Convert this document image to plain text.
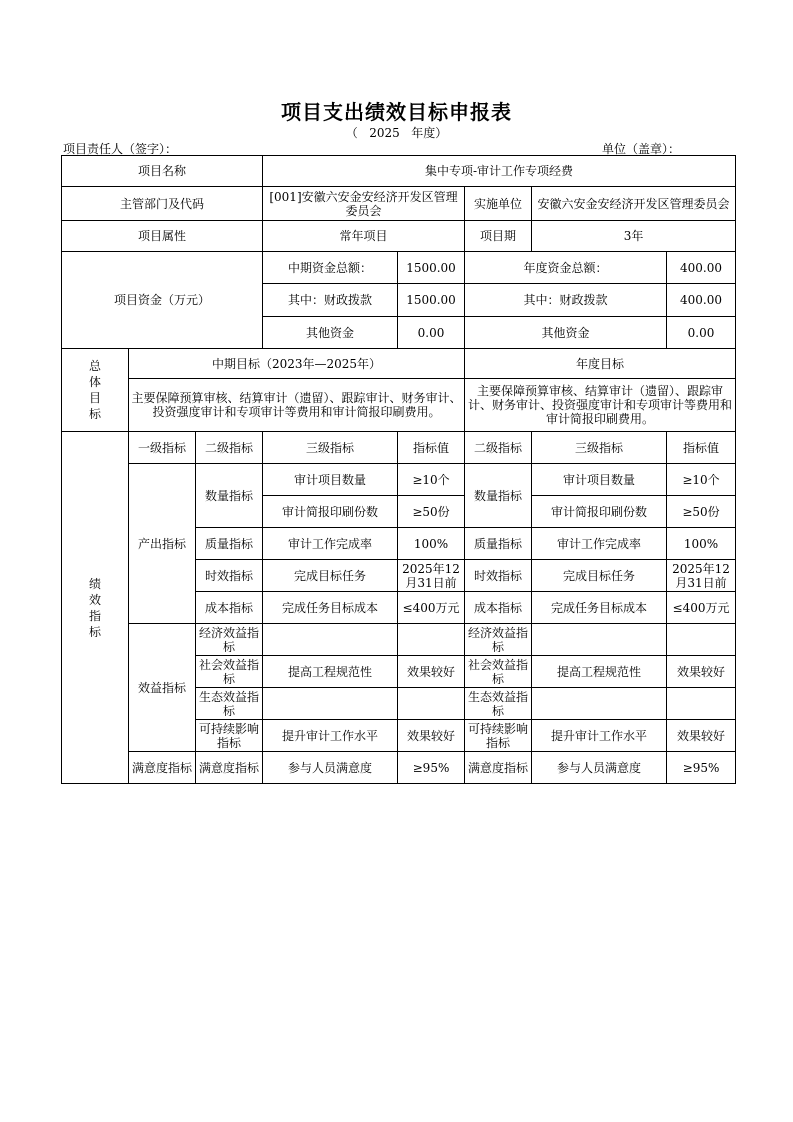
项目支出绩效目标申报表
（ 2025 年度）
项目责任人（签字）：	单位（盖章）：
项目名称			集中专项-审计工作专项经费				
主管部门及代码			[001]安徽六安金安经济开发区管理委员会		实施单位	安徽六安金安经济开发区管理委员会	
项目属性			常年项目		项目期	3年	
项目资金（万元）			中期资金总额：	1500.00	年度资金总额：		400.00
			其中：财政拨款	1500.00	其中：财政拨款		400.00
			其他资金	0.00	其他资金		0.00
总体目标	中期目标（2023年—2025年）				年度目标		
	主要保障预算审核、结算审计（遗留）、跟踪审计、财务审计、投资强度审计和专项审计等费用和审计简报印刷费用。				主要保障预算审核、结算审计（遗留）、跟踪审计、财务审计、投资强度审计和专项审计等费用和审计简报印刷费用。		
绩效指标	一级指标	二级指标	三级指标	指标值	二级指标	三级指标	指标值
	产出指标	数量指标	审计项目数量	≥10个	数量指标	审计项目数量	≥10个
			审计简报印刷份数	≥50份		审计简报印刷份数	≥50份
		质量指标	审计工作完成率	100%	质量指标	审计工作完成率	100%
		时效指标	完成目标任务	2025年12月31日前	时效指标	完成目标任务	2025年12月31日前
		成本指标	完成任务目标成本	≤400万元	成本指标	完成任务目标成本	≤400万元
	效益指标	经济效益指标			经济效益指标		
		社会效益指标	提高工程规范性	效果较好	社会效益指标	提高工程规范性	效果较好
		生态效益指标			生态效益指标		
		可持续影响指标	提升审计工作水平	效果较好	可持续影响指标	提升审计工作水平	效果较好
	满意度指标	满意度指标	参与人员满意度	≥95%	满意度指标	参与人员满意度	≥95%
